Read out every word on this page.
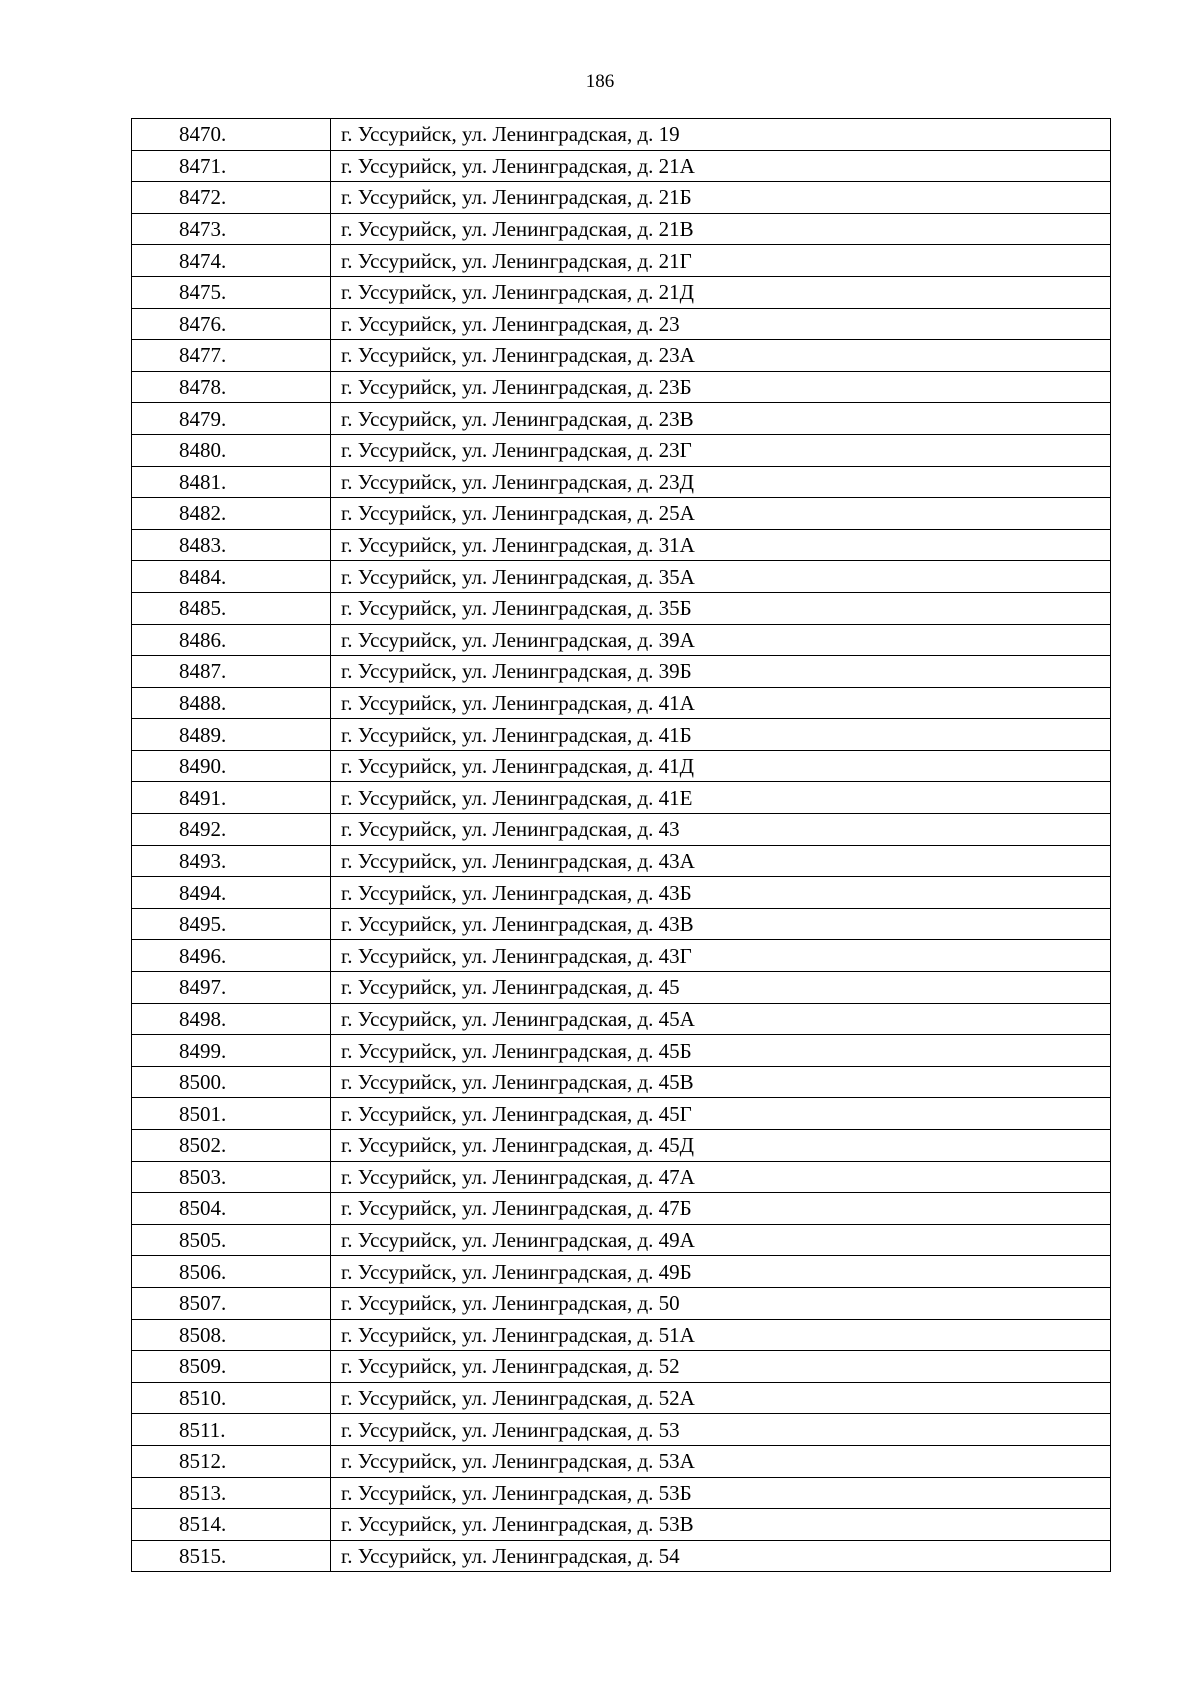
186
8470.	г. Уссурийск, ул. Ленинградская, д. 19
8471.	г. Уссурийск, ул. Ленинградская, д. 21А
8472.	г. Уссурийск, ул. Ленинградская, д. 21Б
8473.	г. Уссурийск, ул. Ленинградская, д. 21В
8474.	г. Уссурийск, ул. Ленинградская, д. 21Г
8475.	г. Уссурийск, ул. Ленинградская, д. 21Д
8476.	г. Уссурийск, ул. Ленинградская, д. 23
8477.	г. Уссурийск, ул. Ленинградская, д. 23А
8478.	г. Уссурийск, ул. Ленинградская, д. 23Б
8479.	г. Уссурийск, ул. Ленинградская, д. 23В
8480.	г. Уссурийск, ул. Ленинградская, д. 23Г
8481.	г. Уссурийск, ул. Ленинградская, д. 23Д
8482.	г. Уссурийск, ул. Ленинградская, д. 25А
8483.	г. Уссурийск, ул. Ленинградская, д. 31А
8484.	г. Уссурийск, ул. Ленинградская, д. 35А
8485.	г. Уссурийск, ул. Ленинградская, д. 35Б
8486.	г. Уссурийск, ул. Ленинградская, д. 39А
8487.	г. Уссурийск, ул. Ленинградская, д. 39Б
8488.	г. Уссурийск, ул. Ленинградская, д. 41А
8489.	г. Уссурийск, ул. Ленинградская, д. 41Б
8490.	г. Уссурийск, ул. Ленинградская, д. 41Д
8491.	г. Уссурийск, ул. Ленинградская, д. 41Е
8492.	г. Уссурийск, ул. Ленинградская, д. 43
8493.	г. Уссурийск, ул. Ленинградская, д. 43А
8494.	г. Уссурийск, ул. Ленинградская, д. 43Б
8495.	г. Уссурийск, ул. Ленинградская, д. 43В
8496.	г. Уссурийск, ул. Ленинградская, д. 43Г
8497.	г. Уссурийск, ул. Ленинградская, д. 45
8498.	г. Уссурийск, ул. Ленинградская, д. 45А
8499.	г. Уссурийск, ул. Ленинградская, д. 45Б
8500.	г. Уссурийск, ул. Ленинградская, д. 45В
8501.	г. Уссурийск, ул. Ленинградская, д. 45Г
8502.	г. Уссурийск, ул. Ленинградская, д. 45Д
8503.	г. Уссурийск, ул. Ленинградская, д. 47А
8504.	г. Уссурийск, ул. Ленинградская, д. 47Б
8505.	г. Уссурийск, ул. Ленинградская, д. 49А
8506.	г. Уссурийск, ул. Ленинградская, д. 49Б
8507.	г. Уссурийск, ул. Ленинградская, д. 50
8508.	г. Уссурийск, ул. Ленинградская, д. 51А
8509.	г. Уссурийск, ул. Ленинградская, д. 52
8510.	г. Уссурийск, ул. Ленинградская, д. 52А
8511.	г. Уссурийск, ул. Ленинградская, д. 53
8512.	г. Уссурийск, ул. Ленинградская, д. 53А
8513.	г. Уссурийск, ул. Ленинградская, д. 53Б
8514.	г. Уссурийск, ул. Ленинградская, д. 53В
8515.	г. Уссурийск, ул. Ленинградская, д. 54
